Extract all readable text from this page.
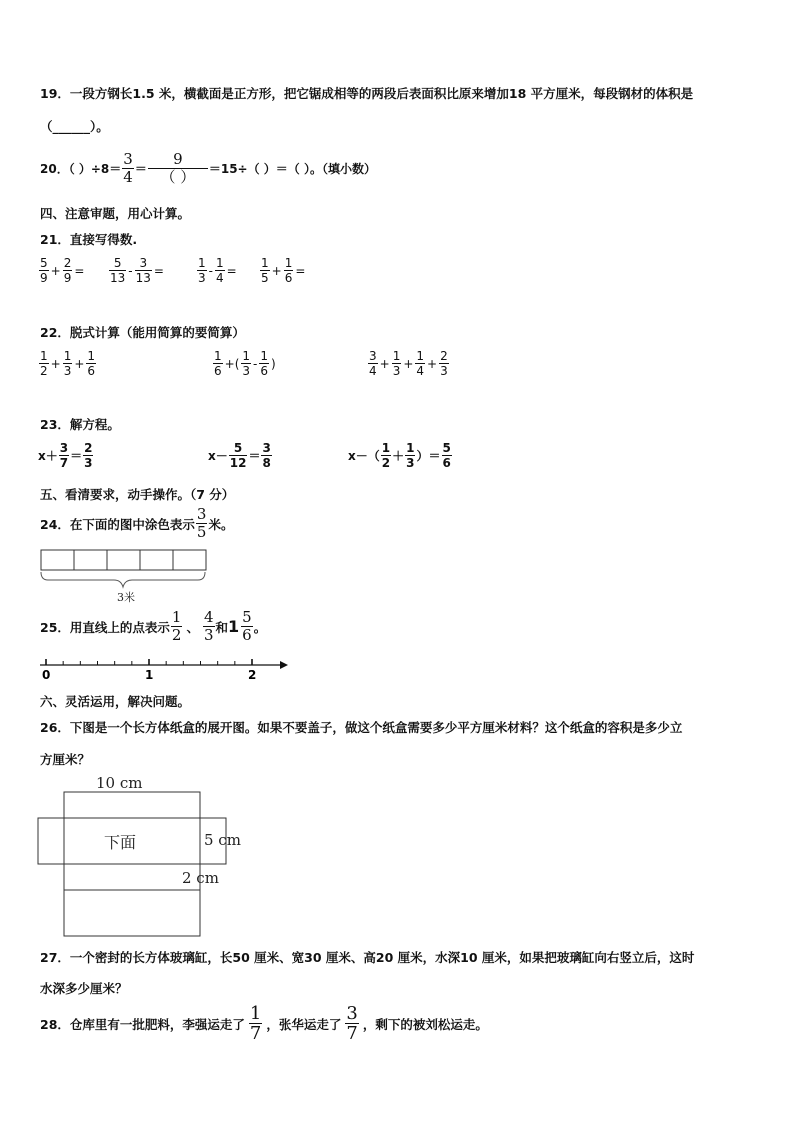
19．一段方钢长1.5 米，横截面是正方形，把它锯成相等的两段后表面积比原来增加18 平方厘米，每段钢材的体积是
（______）。
20．（ ）$\div 8= \frac{3}{4} = \frac{9}{( )} =15\div$（ ）＝（ ）。（填小数）
四、注意审题，用心计算。
21．直接写得数.
$\frac{5}{9} + \frac{2}{9} = \frac{5}{13} - \frac{3}{13}$ =	$\frac{1}{3} - \frac{1}{4} = \frac{1}{5} + \frac{1}{6}$ =
22．脱式计算（能用简算的要简算）
$\frac{1}{2} + \frac{1}{3} + \frac{1}{6}$	$\frac{1}{6}$ +( $\frac{1}{3} - \frac{1}{6}$ )	$\frac{3}{4} + \frac{1}{3} + \frac{1}{4} + \frac{2}{3}$
23．解方程。
$x+ \frac{3}{7} = \frac{2}{3}$	$x- \frac{5}{12} = \frac{3}{8}$	$x-( \frac{1}{2} + \frac{1}{3}$ ）＝ $\frac{5}{6}$
五、看清要求，动手操作。（7 分）
24．在下面的图中涂色表示 $\frac{3}{5}$ 米。
3米
25．用直线上的点表示 $\frac{1}{2}$ 、 $\frac{4}{3}$ 和 $1 \frac{5}{6}$ 。
0	1	2
六、灵活运用，解决问题。
26．下图是一个长方体纸盒的展开图。如果不要盖子，做这个纸盒需要多少平方厘米材料？这个纸盒的容积是多少立
方厘米？
10 cm
下面	5 cm
2 cm
27．一个密封的长方体玻璃缸，长50 厘米、宽30 厘米、高20 厘米，水深10 厘米，如果把玻璃缸向右竖立后，这时
水深多少厘米？
28．仓库里有一批肥料，李强运走了 $\frac{1}{7}$ ，张华运走了 $\frac{3}{7}$ ，剩下的被刘松运走。
